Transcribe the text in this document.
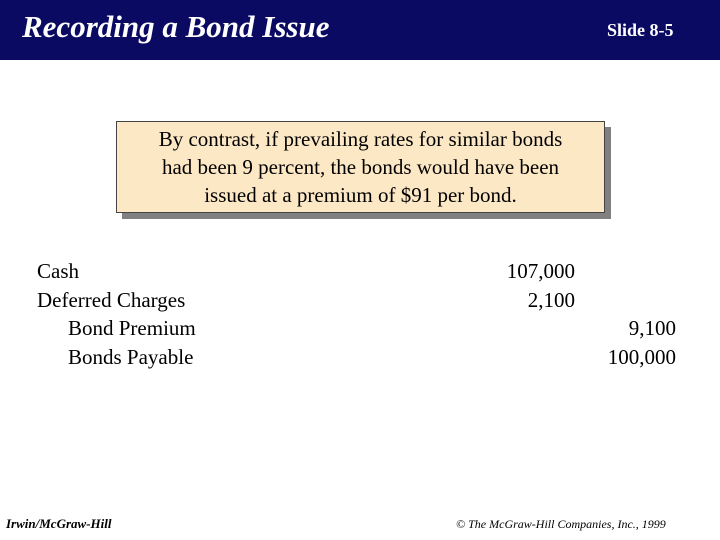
Recording a Bond Issue	Slide 8-5
By contrast, if prevailing rates for similar bonds
had been 9 percent, the bonds would have been
issued at a premium of $91 per bond.
Cash
Deferred Charges
Bond Premium
Bonds Payable
107,000
2,100
9,100
100,000
Irwin/McGraw-Hill	© The McGraw-Hill Companies, Inc., 1999
